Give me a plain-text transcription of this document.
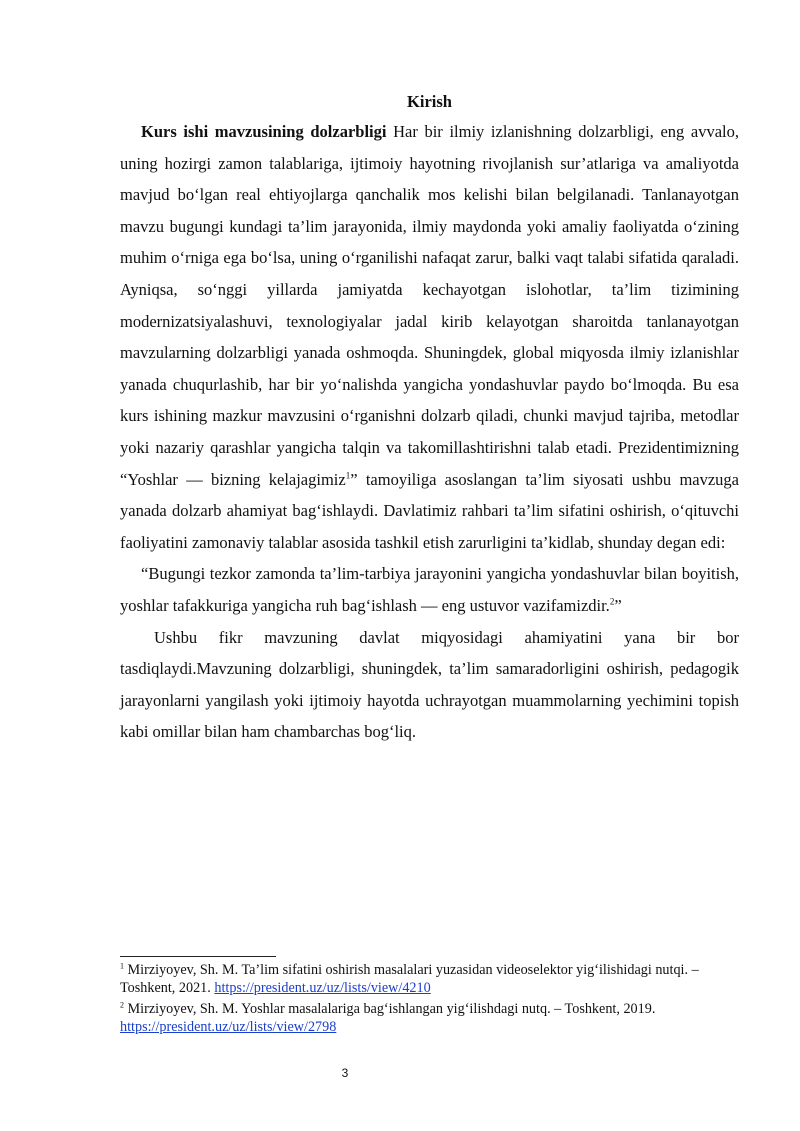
Kirish

Kurs ishi mavzusining dolzarbligi Har bir ilmiy izlanishning dolzarbligi, eng avvalo, uning hozirgi zamon talablariga, ijtimoiy hayotning rivojlanish sur’atlariga va amaliyotda mavjud bo‘lgan real ehtiyojlarga qanchalik mos kelishi bilan belgilanadi. Tanlanayotgan mavzu bugungi kundagi ta’lim jarayonida, ilmiy maydonda yoki amaliy faoliyatda o‘zining muhim o‘rniga ega bo‘lsa, uning o‘rganilishi nafaqat zarur, balki vaqt talabi sifatida qaraladi. Ayniqsa, so‘nggi yillarda jamiyatda kechayotgan islohotlar, ta’lim tizimining modernizatsiyalashuvi, texnologiyalar jadal kirib kelayotgan sharoitda tanlanayotgan mavzularning dolzarbligi yanada oshmoqda. Shuningdek, global miqyosda ilmiy izlanishlar yanada chuqurlashib, har bir yo‘nalishda yangicha yondashuvlar paydo bo‘lmoqda. Bu esa kurs ishining mazkur mavzusini o‘rganishni dolzarb qiladi, chunki mavjud tajriba, metodlar yoki nazariy qarashlar yangicha talqin va takomillashtirishni talab etadi. Prezidentimizning “Yoshlar — bizning kelajagimiz$^1$” tamoyiliga asoslangan ta’lim siyosati ushbu mavzuga yanada dolzarb ahamiyat bag‘ishlaydi. Davlatimiz rahbari ta’lim sifatini oshirish, o‘qituvchi faoliyatini zamonaviy talablar asosida tashkil etish zarurligini ta’kidlab, shunday degan edi:

“Bugungi tezkor zamonda ta’lim-tarbiya jarayonini yangicha yondashuvlar bilan boyitish, yoshlar tafakkuriga yangicha ruh bag‘ishlash — eng ustuvor vazifamizdir.$^2$”

Ushbu fikr mavzuning davlat miqyosidagi ahamiyatini yana bir bor tasdiqlaydi.Mavzuning dolzarbligi, shuningdek, ta’lim samaradorligini oshirish, pedagogik jarayonlarni yangilash yoki ijtimoiy hayotda uchrayotgan muammolarning yechimini topish kabi omillar bilan ham chambarchas bog‘liq.

$^1$ Mirziyoyev, Sh. M. Ta’lim sifatini oshirish masalalari yuzasidan videoselektor yig‘ilishidagi nutqi. – Toshkent, 2021. https://president.uz/uz/lists/view/4210

$^2$ Mirziyoyev, Sh. M. Yoshlar masalalariga bag‘ishlangan yig‘ilishdagi nutq. – Toshkent, 2019. https://president.uz/uz/lists/view/2798

3
